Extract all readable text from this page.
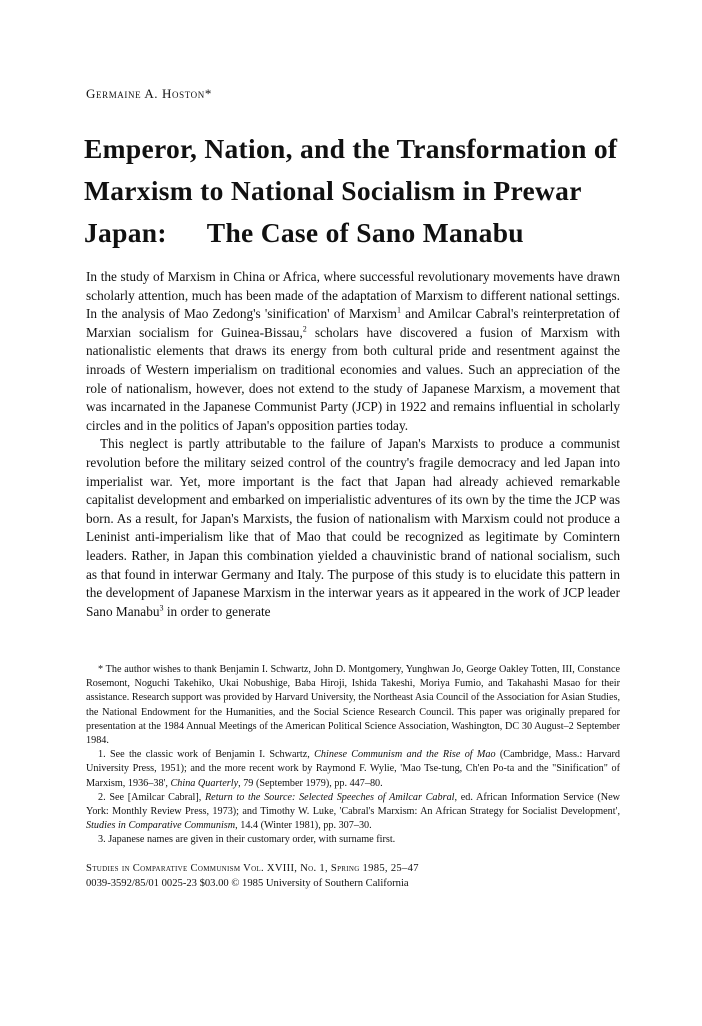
Germaine A. Hoston*
Emperor, Nation, and the Transformation of
Marxism to National Socialism in Prewar
Japan: The Case of Sano Manabu

In the study of Marxism in China or Africa, where successful revolutionary movements have drawn scholarly attention, much has been made of the adaptation of Marxism to different national settings. In the analysis of Mao Zedong's 'sinification' of Marxism$^1$ and Amilcar Cabral's reinterpretation of Marxian socialism for Guinea-Bissau,$^2$ scholars have discovered a fusion of Marxism with nationalistic elements that draws its energy from both cultural pride and resentment against the inroads of Western imperialism on traditional economies and values. Such an appreciation of the role of nationalism, however, does not extend to the study of Japanese Marxism, a movement that was incarnated in the Japanese Communist Party (JCP) in 1922 and remains influential in scholarly circles and in the politics of Japan's opposition parties today.

This neglect is partly attributable to the failure of Japan's Marxists to produce a communist revolution before the military seized control of the country's fragile democracy and led Japan into imperialist war. Yet, more important is the fact that Japan had already achieved remarkable capitalist development and embarked on imperialistic adventures of its own by the time the JCP was born. As a result, for Japan's Marxists, the fusion of nationalism with Marxism could not produce a Leninist anti-imperialism like that of Mao that could be recognized as legitimate by Comintern leaders. Rather, in Japan this combination yielded a chauvinistic brand of national socialism, such as that found in interwar Germany and Italy. The purpose of this study is to elucidate this pattern in the development of Japanese Marxism in the interwar years as it appeared in the work of JCP leader Sano Manabu$^3$ in order to generate

* The author wishes to thank Benjamin I. Schwartz, John D. Montgomery, Yunghwan Jo, George Oakley Totten, III, Constance Rosemont, Noguchi Takehiko, Ukai Nobushige, Baba Hiroji, Ishida Takeshi, Moriya Fumio, and Takahashi Masao for their assistance. Research support was provided by Harvard University, the Northeast Asia Council of the Association for Asian Studies, the National Endowment for the Humanities, and the Social Science Research Council. This paper was originally prepared for presentation at the 1984 Annual Meetings of the American Political Science Association, Washington, DC 30 August–2 September 1984.

1. See the classic work of Benjamin I. Schwartz, Chinese Communism and the Rise of Mao (Cambridge, Mass.: Harvard University Press, 1951); and the more recent work by Raymond F. Wylie, 'Mao Tse-tung, Ch'en Po-ta and the "Sinification" of Marxism, 1936–38', China Quarterly, 79 (September 1979), pp. 447–80.

2. See [Amilcar Cabral], Return to the Source: Selected Speeches of Amilcar Cabral, ed. African Information Service (New York: Monthly Review Press, 1973); and Timothy W. Luke, 'Cabral's Marxism: An African Strategy for Socialist Development', Studies in Comparative Communism, 14.4 (Winter 1981), pp. 307–30.

3. Japanese names are given in their customary order, with surname first.

Studies in Comparative Communism Vol. XVIII, No. 1, Spring 1985, 25–47
0039-3592/85/01 0025-23 $03.00 © 1985 University of Southern California
